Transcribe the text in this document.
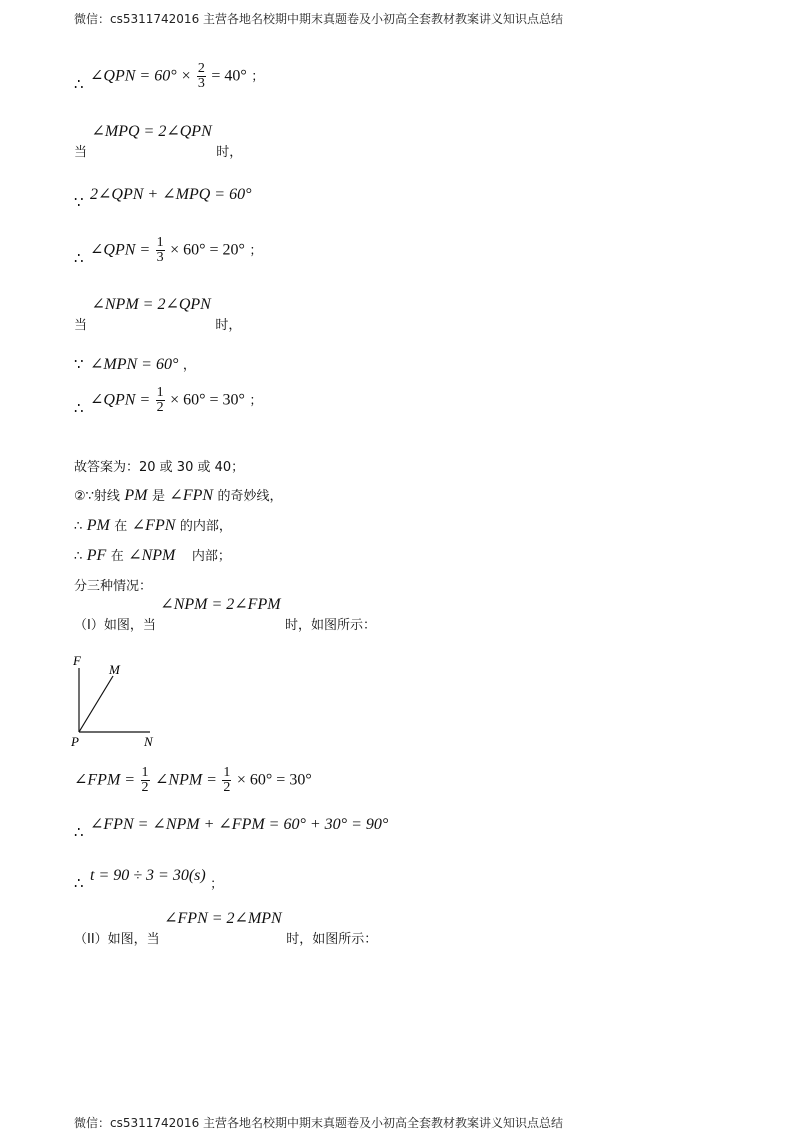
微信：cs5311742016 主营各地名校期中期末真题卷及小初高全套教材教案讲义知识点总结
∴ ∠QPN = $60^\circ \times \frac{2}{3} = 40^\circ$ ；
当 ∠MPQ = 2∠QPN 时，
∵ 2∠QPN + ∠MPQ = 60°
∴ ∠QPN = $\frac{1}{3} \times 60^\circ = 20^\circ$ ；
当 ∠NPM = 2∠QPN 时，
∵ ∠MPN = 60° ，
∴ ∠QPN = $\frac{1}{2} \times 60^\circ = 30^\circ$ ；
故答案为：20 或 30 或 40；
②∵射线 PM 是 ∠FPN 的奇妙线，
∴ PM 在 ∠FPN 的内部，
∴ PF 在 ∠NPM 内部；
分三种情况：
（I）如图，当 ∠NPM = 2∠FPM 时，如图所示：
F
M
P	N
∠FPM = $\frac{1}{2}$ ∠NPM = $\frac{1}{2} \times 60^\circ = 30^\circ$
∴ ∠FPN = ∠NPM + ∠FPM = 60° + 30° = 90°
∴ t = 90 ÷ 3 = 30(s) ；
（II）如图，当 ∠FPN = 2∠MPN 时，如图所示：
微信：cs5311742016 主营各地名校期中期末真题卷及小初高全套教材教案讲义知识点总结
